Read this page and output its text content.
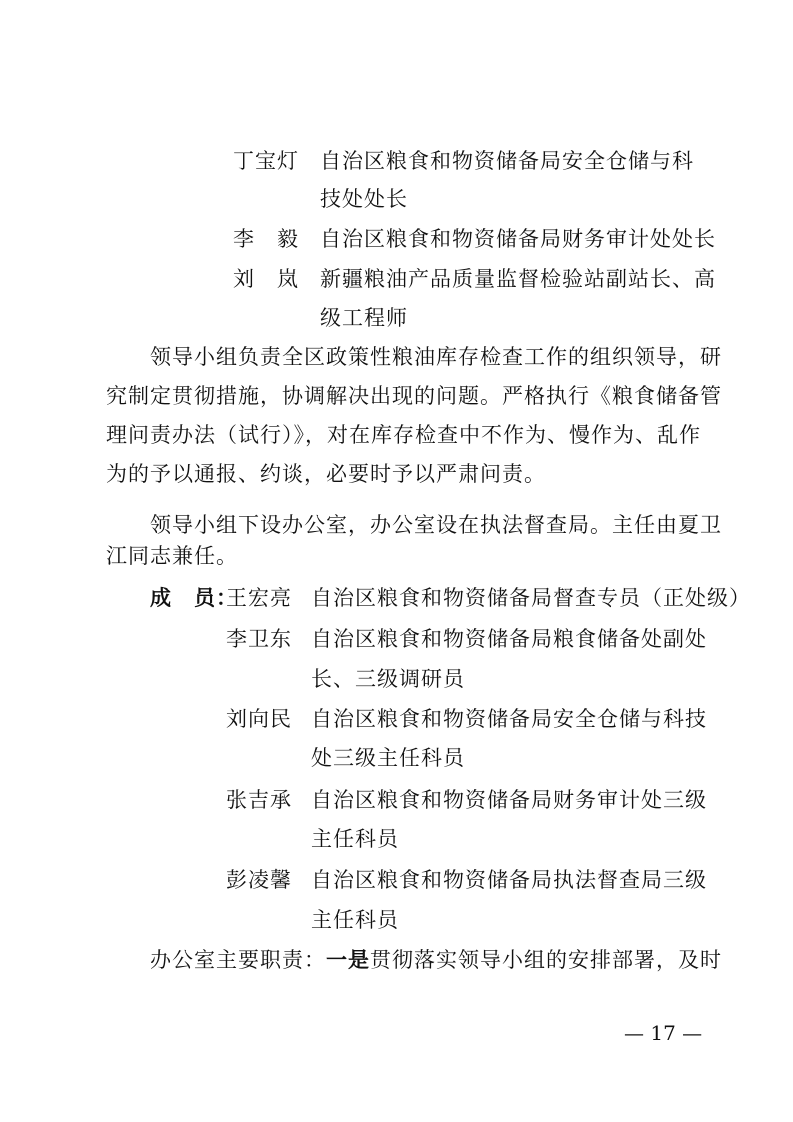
丁宝灯 自治区粮食和物资储备局安全仓储与科
技处处长
李　毅 自治区粮食和物资储备局财务审计处处长
刘　岚 新疆粮油产品质量监督检验站副站长、高
级工程师
领导小组负责全区政策性粮油库存检查工作的组织领导，研
究制定贯彻措施，协调解决出现的问题。严格执行《粮食储备管
理问责办法（试行）》，对在库存检查中不作为、慢作为、乱作
为的予以通报、约谈，必要时予以严肃问责。
领导小组下设办公室，办公室设在执法督查局。主任由夏卫
江同志兼任。
成　员：
王宏亮 自治区粮食和物资储备局督查专员（正处级）
李卫东 自治区粮食和物资储备局粮食储备处副处
长、三级调研员
刘向民 自治区粮食和物资储备局安全仓储与科技
处三级主任科员
张吉承 自治区粮食和物资储备局财务审计处三级
主任科员
彭凌馨 自治区粮食和物资储备局执法督查局三级
主任科员
办公室主要职责：一是贯彻落实领导小组的安排部署，及时
— 17 —
